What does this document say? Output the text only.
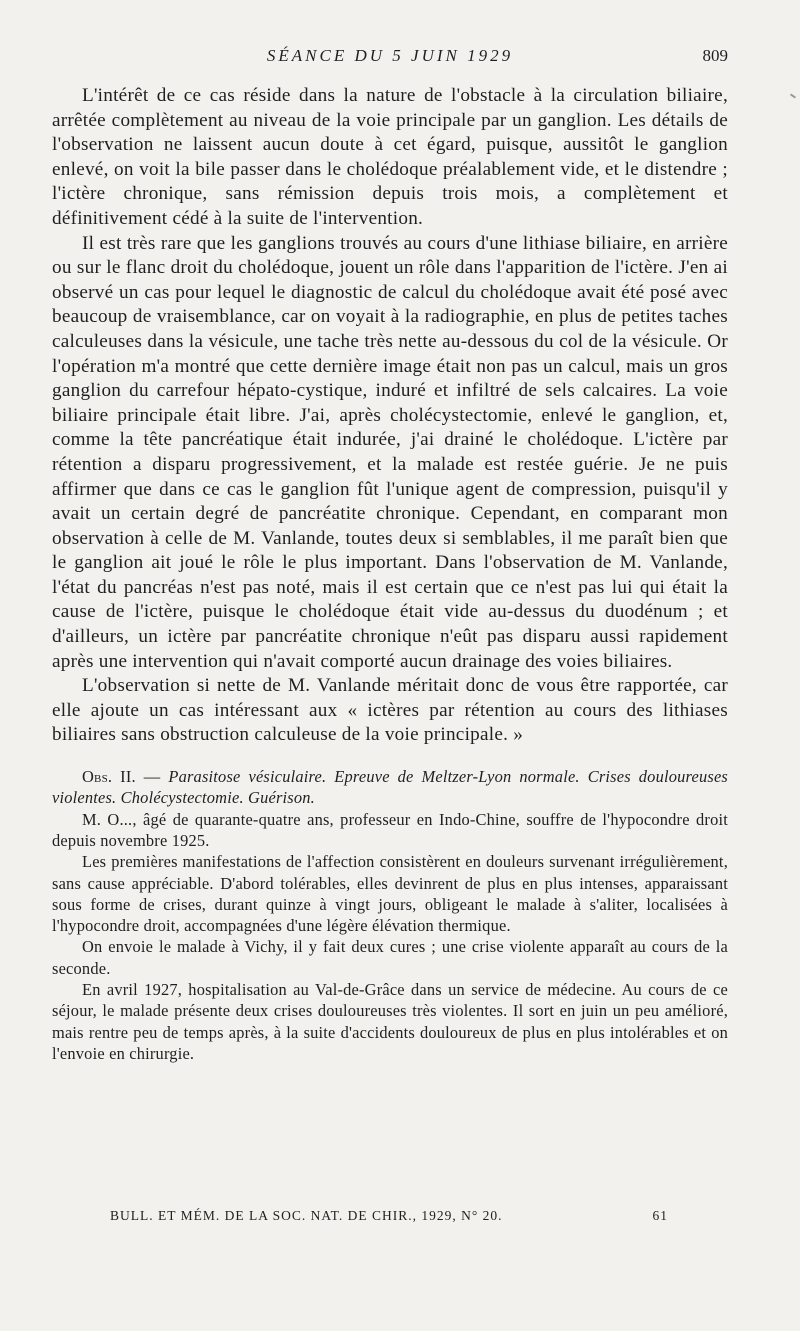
SÉANCE DU 5 JUIN 1929	809

L'intérêt de ce cas réside dans la nature de l'obstacle à la circulation biliaire, arrêtée complètement au niveau de la voie principale par un ganglion. Les détails de l'observation ne laissent aucun doute à cet égard, puisque, aussitôt le ganglion enlevé, on voit la bile passer dans le cholédoque préalablement vide, et le distendre ; l'ictère chronique, sans rémission depuis trois mois, a complètement et définitivement cédé à la suite de l'intervention.

Il est très rare que les ganglions trouvés au cours d'une lithiase biliaire, en arrière ou sur le flanc droit du cholédoque, jouent un rôle dans l'apparition de l'ictère. J'en ai observé un cas pour lequel le diagnostic de calcul du cholédoque avait été posé avec beaucoup de vraisemblance, car on voyait à la radiographie, en plus de petites taches calculeuses dans la vésicule, une tache très nette au-dessous du col de la vésicule. Or l'opération m'a montré que cette dernière image était non pas un calcul, mais un gros ganglion du carrefour hépato-cystique, induré et infiltré de sels calcaires. La voie biliaire principale était libre. J'ai, après cholécystectomie, enlevé le ganglion, et, comme la tête pancréatique était indurée, j'ai drainé le cholédoque. L'ictère par rétention a disparu progressivement, et la malade est restée guérie. Je ne puis affirmer que dans ce cas le ganglion fût l'unique agent de compression, puisqu'il y avait un certain degré de pancréatite chronique. Cependant, en comparant mon observation à celle de M. Vanlande, toutes deux si semblables, il me paraît bien que le ganglion ait joué le rôle le plus important. Dans l'observation de M. Vanlande, l'état du pancréas n'est pas noté, mais il est certain que ce n'est pas lui qui était la cause de l'ictère, puisque le cholédoque était vide au-dessus du duodénum ; et d'ailleurs, un ictère par pancréatite chronique n'eût pas disparu aussi rapidement après une intervention qui n'avait comporté aucun drainage des voies biliaires.

L'observation si nette de M. Vanlande méritait donc de vous être rapportée, car elle ajoute un cas intéressant aux « ictères par rétention au cours des lithiases biliaires sans obstruction calculeuse de la voie principale. »

Obs. II. — Parasitose vésiculaire. Epreuve de Meltzer-Lyon normale. Crises douloureuses violentes. Cholécystectomie. Guérison.

M. O..., âgé de quarante-quatre ans, professeur en Indo-Chine, souffre de l'hypocondre droit depuis novembre 1925.

Les premières manifestations de l'affection consistèrent en douleurs survenant irrégulièrement, sans cause appréciable. D'abord tolérables, elles devinrent de plus en plus intenses, apparaissant sous forme de crises, durant quinze à vingt jours, obligeant le malade à s'aliter, localisées à l'hypocondre droit, accompagnées d'une légère élévation thermique.

On envoie le malade à Vichy, il y fait deux cures ; une crise violente apparaît au cours de la seconde.

En avril 1927, hospitalisation au Val-de-Grâce dans un service de médecine. Au cours de ce séjour, le malade présente deux crises douloureuses très violentes. Il sort en juin un peu amélioré, mais rentre peu de temps après, à la suite d'accidents douloureux de plus en plus intolérables et on l'envoie en chirurgie.

BULL. ET MÉM. DE LA SOC. NAT. DE CHIR., 1929, N° 20.	61
